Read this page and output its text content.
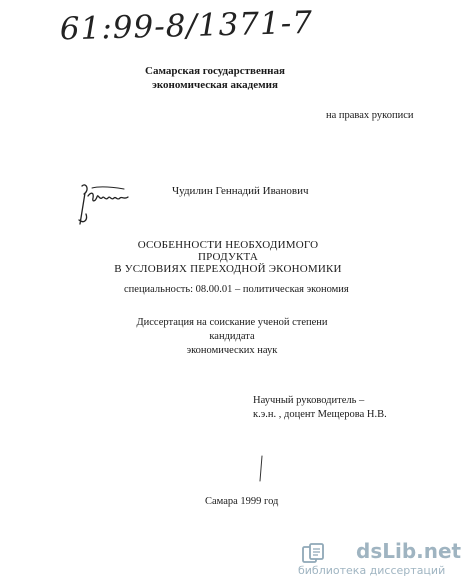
61:99-8/1371-7
Самарская государственная
экономическая академия
на правах рукописи
Чудилин Геннадий Иванович
ОСОБЕННОСТИ НЕОБХОДИМОГО ПРОДУКТА
В УСЛОВИЯХ ПЕРЕХОДНОЙ ЭКОНОМИКИ
специальность: 08.00.01 – политическая экономия
Диссертация на соискание ученой степени кандидата
экономических наук
Научный руководитель –
к.э.н. , доцент Мещерова Н.В.
Самара 1999 год
dsLib.net
библиотека диссертаций
